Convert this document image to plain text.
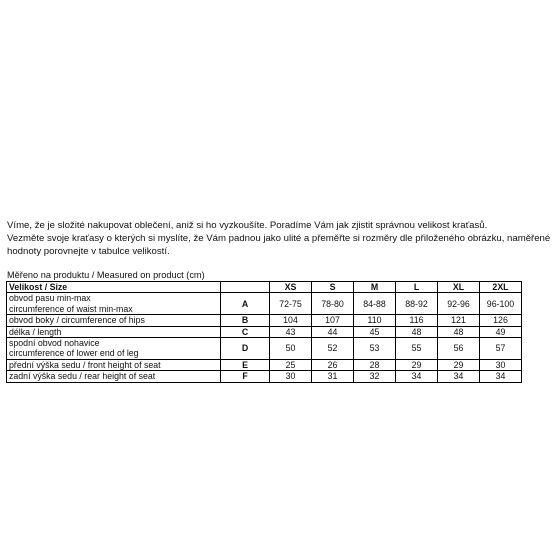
Víme, že je složité nakupovat oblečení, aniž si ho vyzkoušíte. Poradíme Vám jak zjistit správnou velikost kraťasů.

Vezměte svoje kraťasy o kterých si myslíte, že Vám padnou jako ulité a přeměřte si rozměry dle přiloženého obrázku, naměřené hodnoty porovnejte v tabulce velikostí.

Měřeno na produktu / Measured on product (cm)
Velikost / Size		XS	S	M	L	XL	2XL

obvod pasu min-max
circumference of waist min-max	A	72-75	78-80	84-88	88-92	92-96	96-100

obvod boky / circumference of hips	B	104	107	110	116	121	126

délka / length	C	43	44	45	48	48	49

spodní obvod nohavice
circumference of lower end of leg	D	50	52	53	55	56	57

přední výška sedu / front height of seat	E	25	26	28	29	29	30

zadní výška sedu / rear height of seat	F	30	31	32	34	34	34
